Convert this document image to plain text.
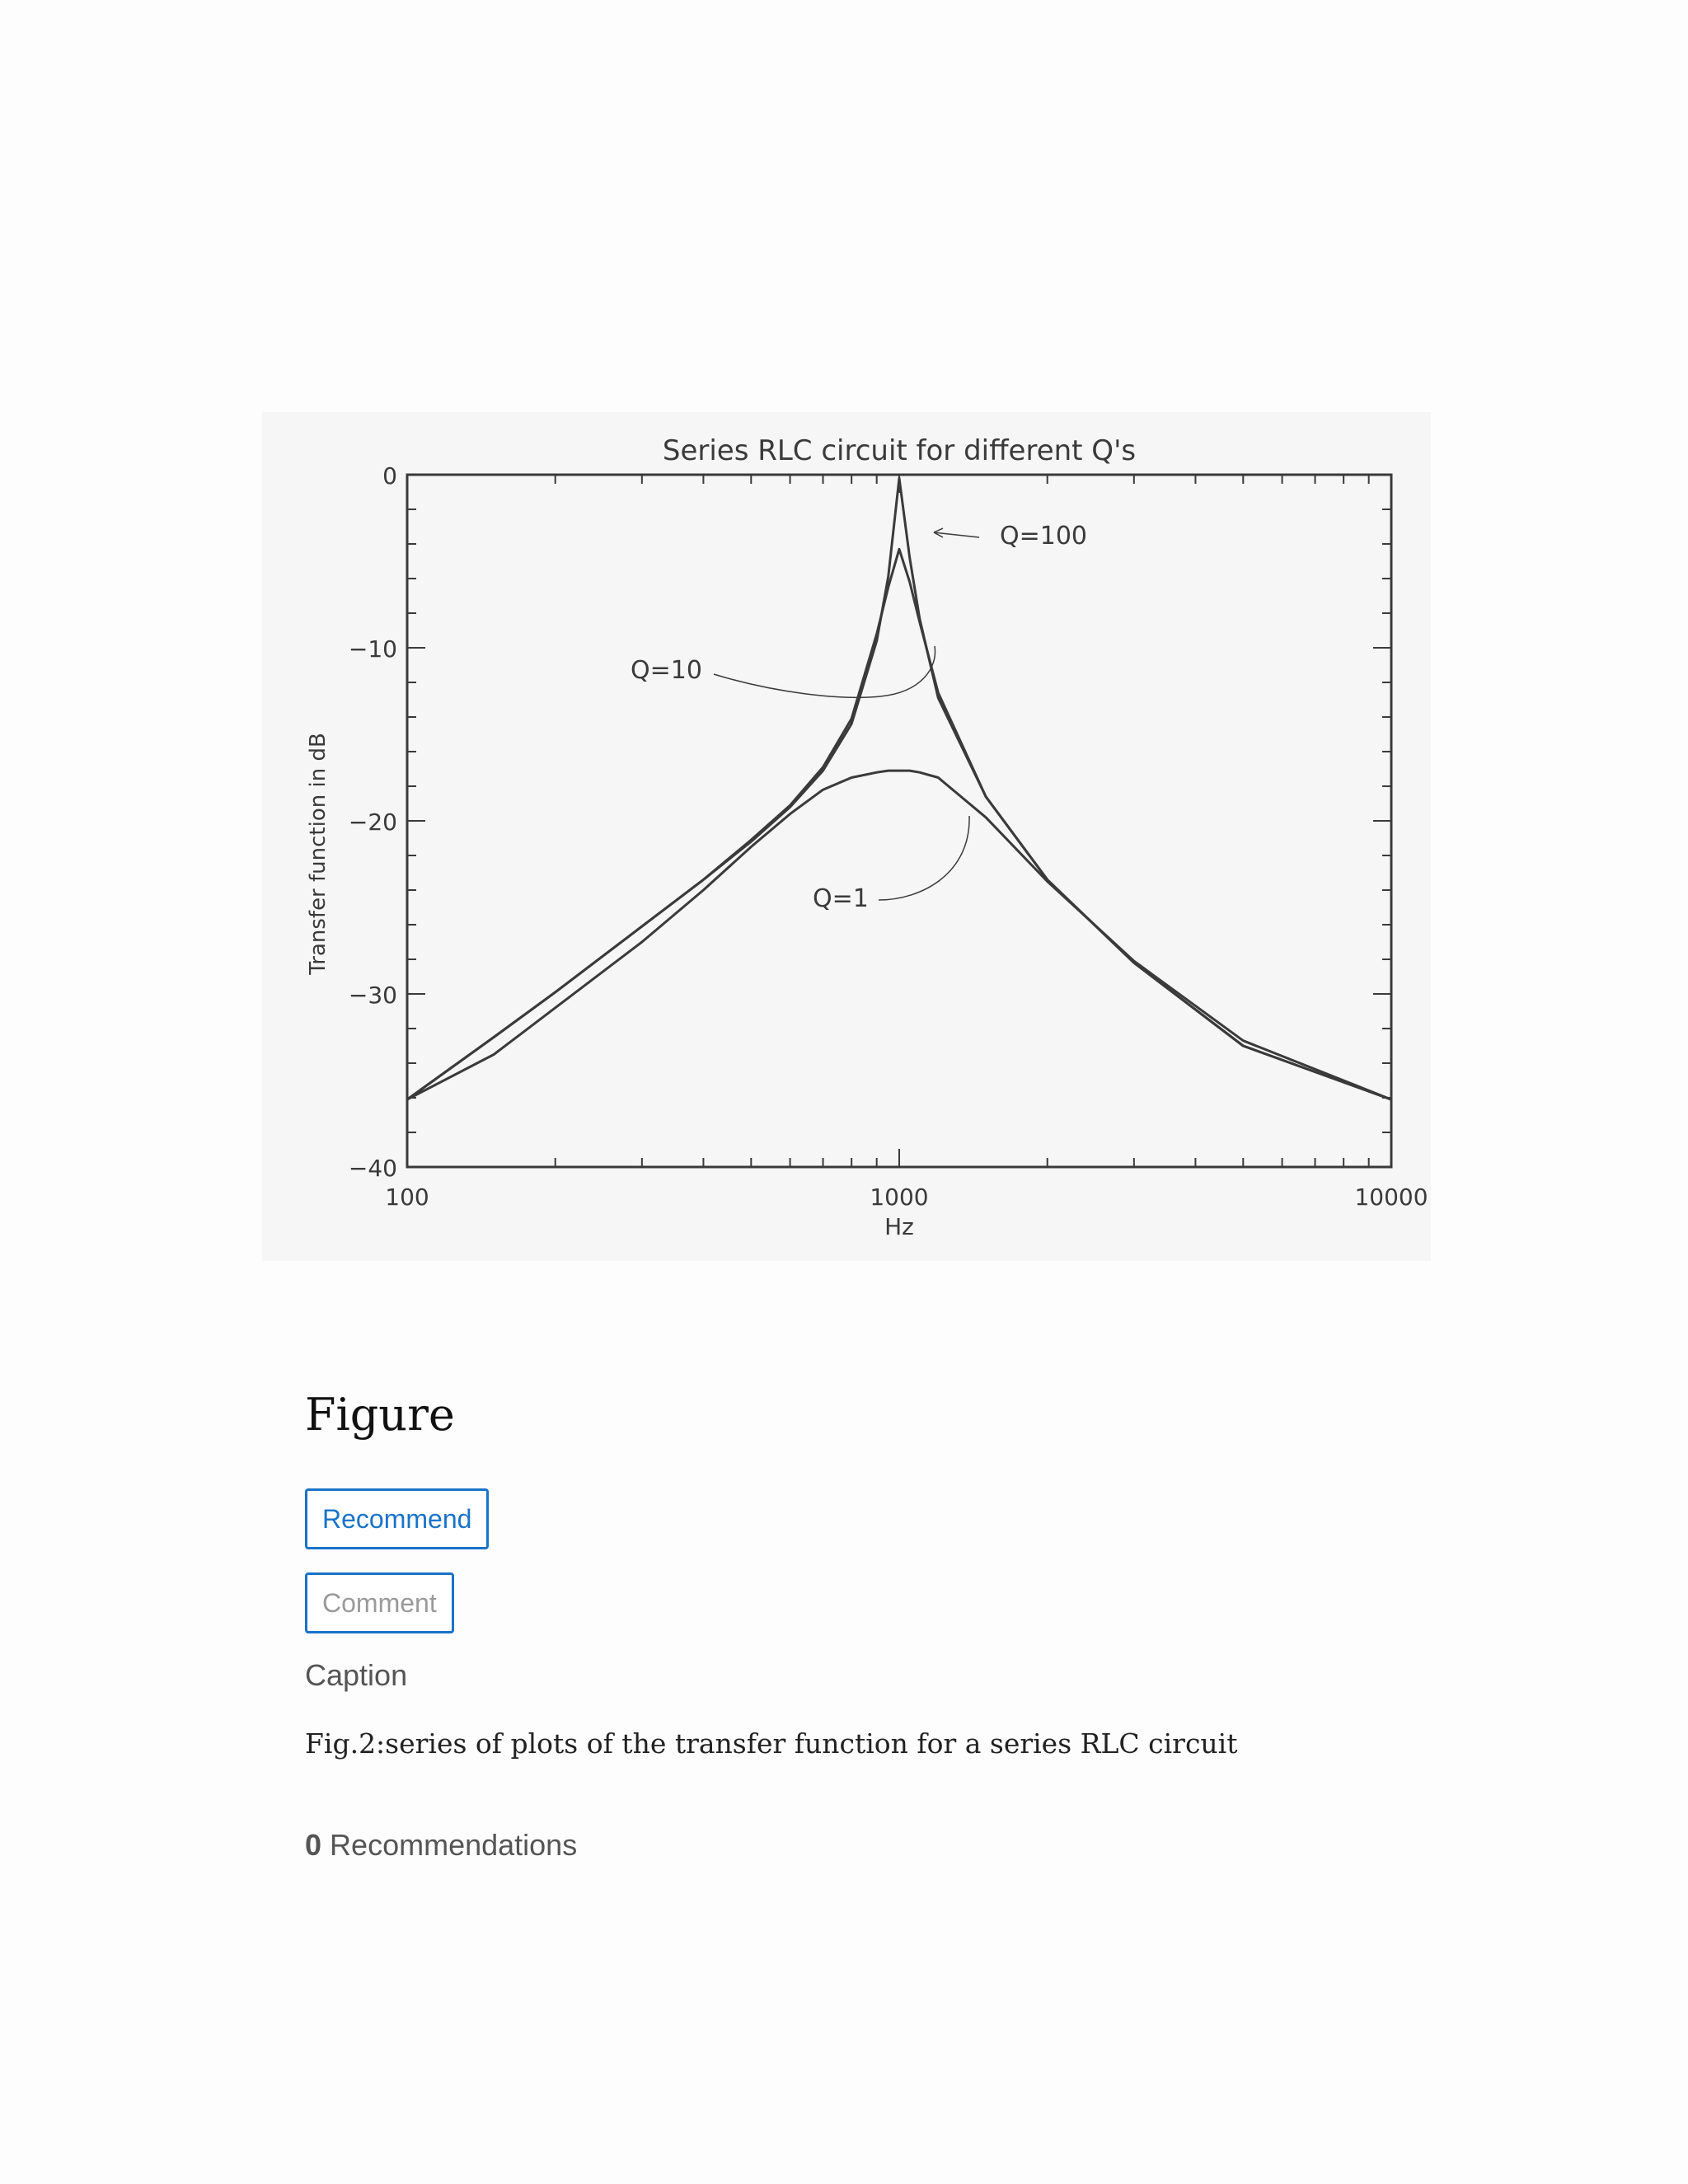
0
−10
−20
−30
−40
100	1000	10000
Series RLC circuit for different Q's
Hz
Transfer function in dB
Q=100
Q=10
Q=1
Figure
Recommend
Comment
Caption
Fig.2:series of plots of the transfer function for a series RLC circuit
0 Recommendations
